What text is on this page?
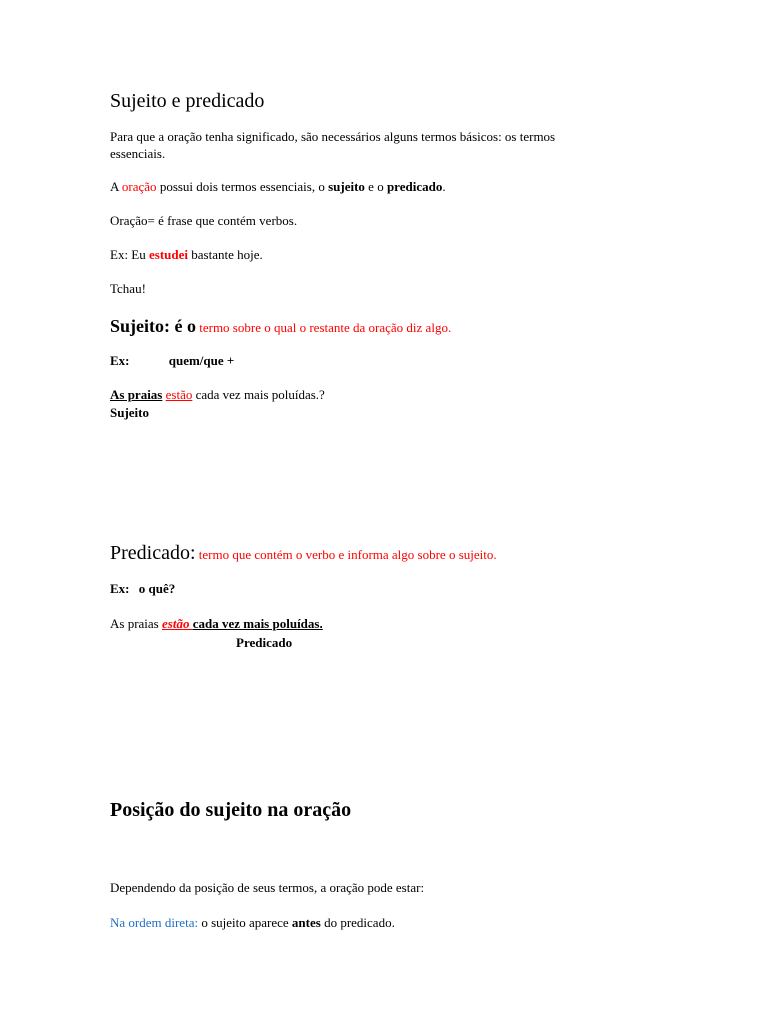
Sujeito e predicado
Para que a oração tenha significado, são necessários alguns termos básicos: os termos
essenciais.
A oração possui dois termos essenciais, o sujeito e o predicado.
Oração= é frase que contém verbos.
Ex: Eu estudei bastante hoje.
Tchau!
Sujeito: é o termo sobre o qual o restante da oração diz algo.
Ex:	quem/que +
As praias estão cada vez mais poluídas.?
Sujeito
Predicado: termo que contém o verbo e informa algo sobre o sujeito.
Ex: o quê?
As praias estão cada vez mais poluídas.
Predicado
Posição do sujeito na oração
Dependendo da posição de seus termos, a oração pode estar:
Na ordem direta: o sujeito aparece antes do predicado.
